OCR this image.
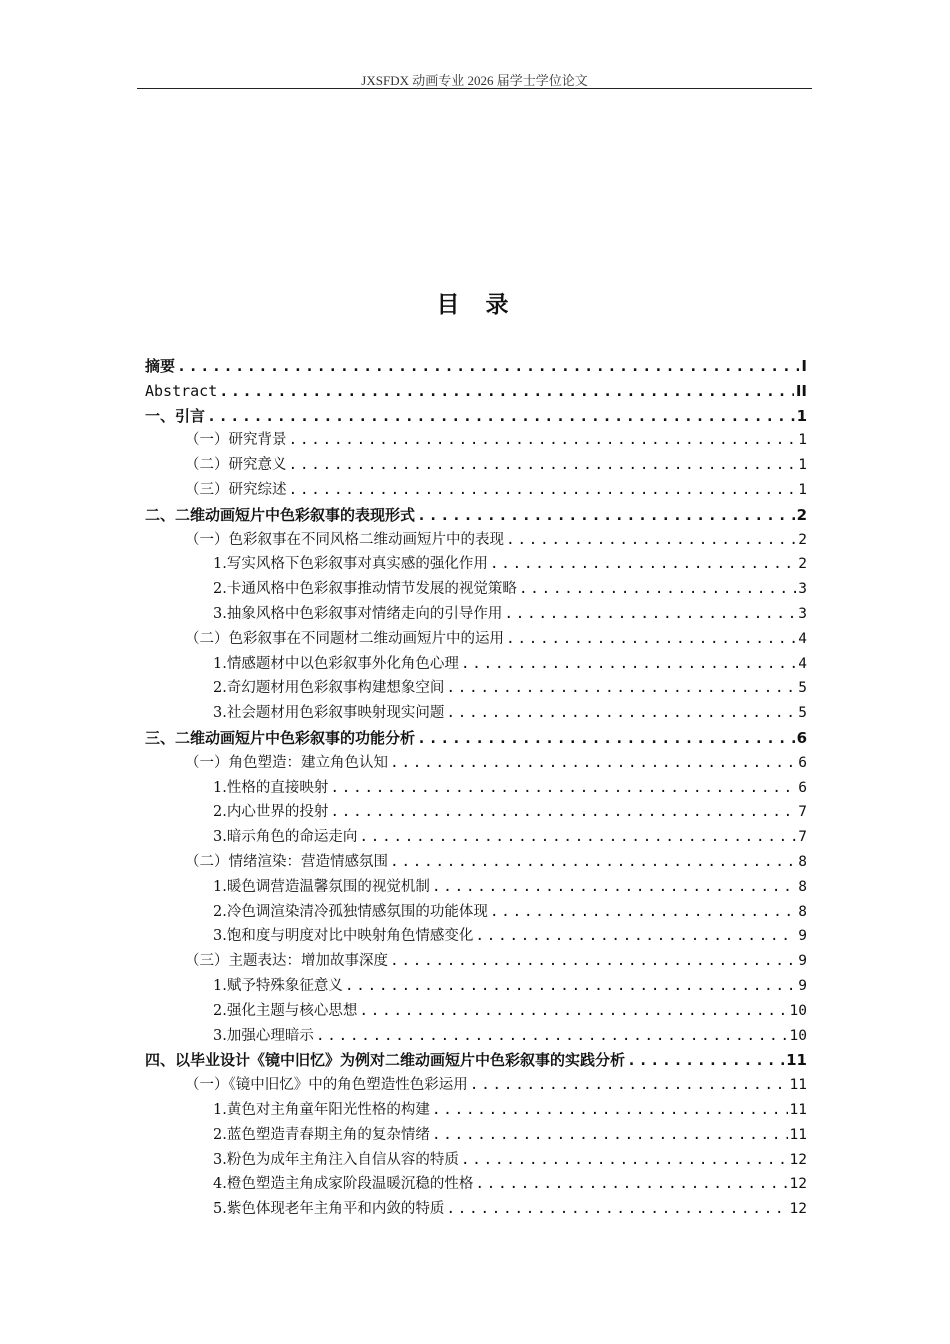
JXSFDX 动画专业 2026 届学士学位论文
目 录
摘要 .....	I
Abstract .....	II
一、引言 .....	1
（一）研究背景 .....	1
（二）研究意义 .....	1
（三）研究综述 .....	1
二、二维动画短片中色彩叙事的表现形式 .....	2
（一）色彩叙事在不同风格二维动画短片中的表现 .....	2
1.写实风格下色彩叙事对真实感的强化作用 .....	2
2.卡通风格中色彩叙事推动情节发展的视觉策略 .....	3
3.抽象风格中色彩叙事对情绪走向的引导作用 .....	3
（二）色彩叙事在不同题材二维动画短片中的运用 .....	4
1.情感题材中以色彩叙事外化角色心理 .....	4
2.奇幻题材用色彩叙事构建想象空间 .....	5
3.社会题材用色彩叙事映射现实问题 .....	5
三、二维动画短片中色彩叙事的功能分析 .....	6
（一）角色塑造：建立角色认知 .....	6
1.性格的直接映射 .....	6
2.内心世界的投射 .....	7
3.暗示角色的命运走向 .....	7
（二）情绪渲染：营造情感氛围 .....	8
1.暖色调营造温馨氛围的视觉机制 .....	8
2.冷色调渲染清冷孤独情感氛围的功能体现 .....	8
3.饱和度与明度对比中映射角色情感变化 .....	9
（三）主题表达：增加故事深度 .....	9
1.赋予特殊象征意义 .....	9
2.强化主题与核心思想 .....	10
3.加强心理暗示 .....	10
四、以毕业设计《镜中旧忆》为例对二维动画短片中色彩叙事的实践分析 .....	11
（一）《镜中旧忆》中的角色塑造性色彩运用 .....	11
1.黄色对主角童年阳光性格的构建 .....	11
2.蓝色塑造青春期主角的复杂情绪 .....	11
3.粉色为成年主角注入自信从容的特质 .....	12
4.橙色塑造主角成家阶段温暖沉稳的性格 .....	12
5.紫色体现老年主角平和内敛的特质 .....	12
